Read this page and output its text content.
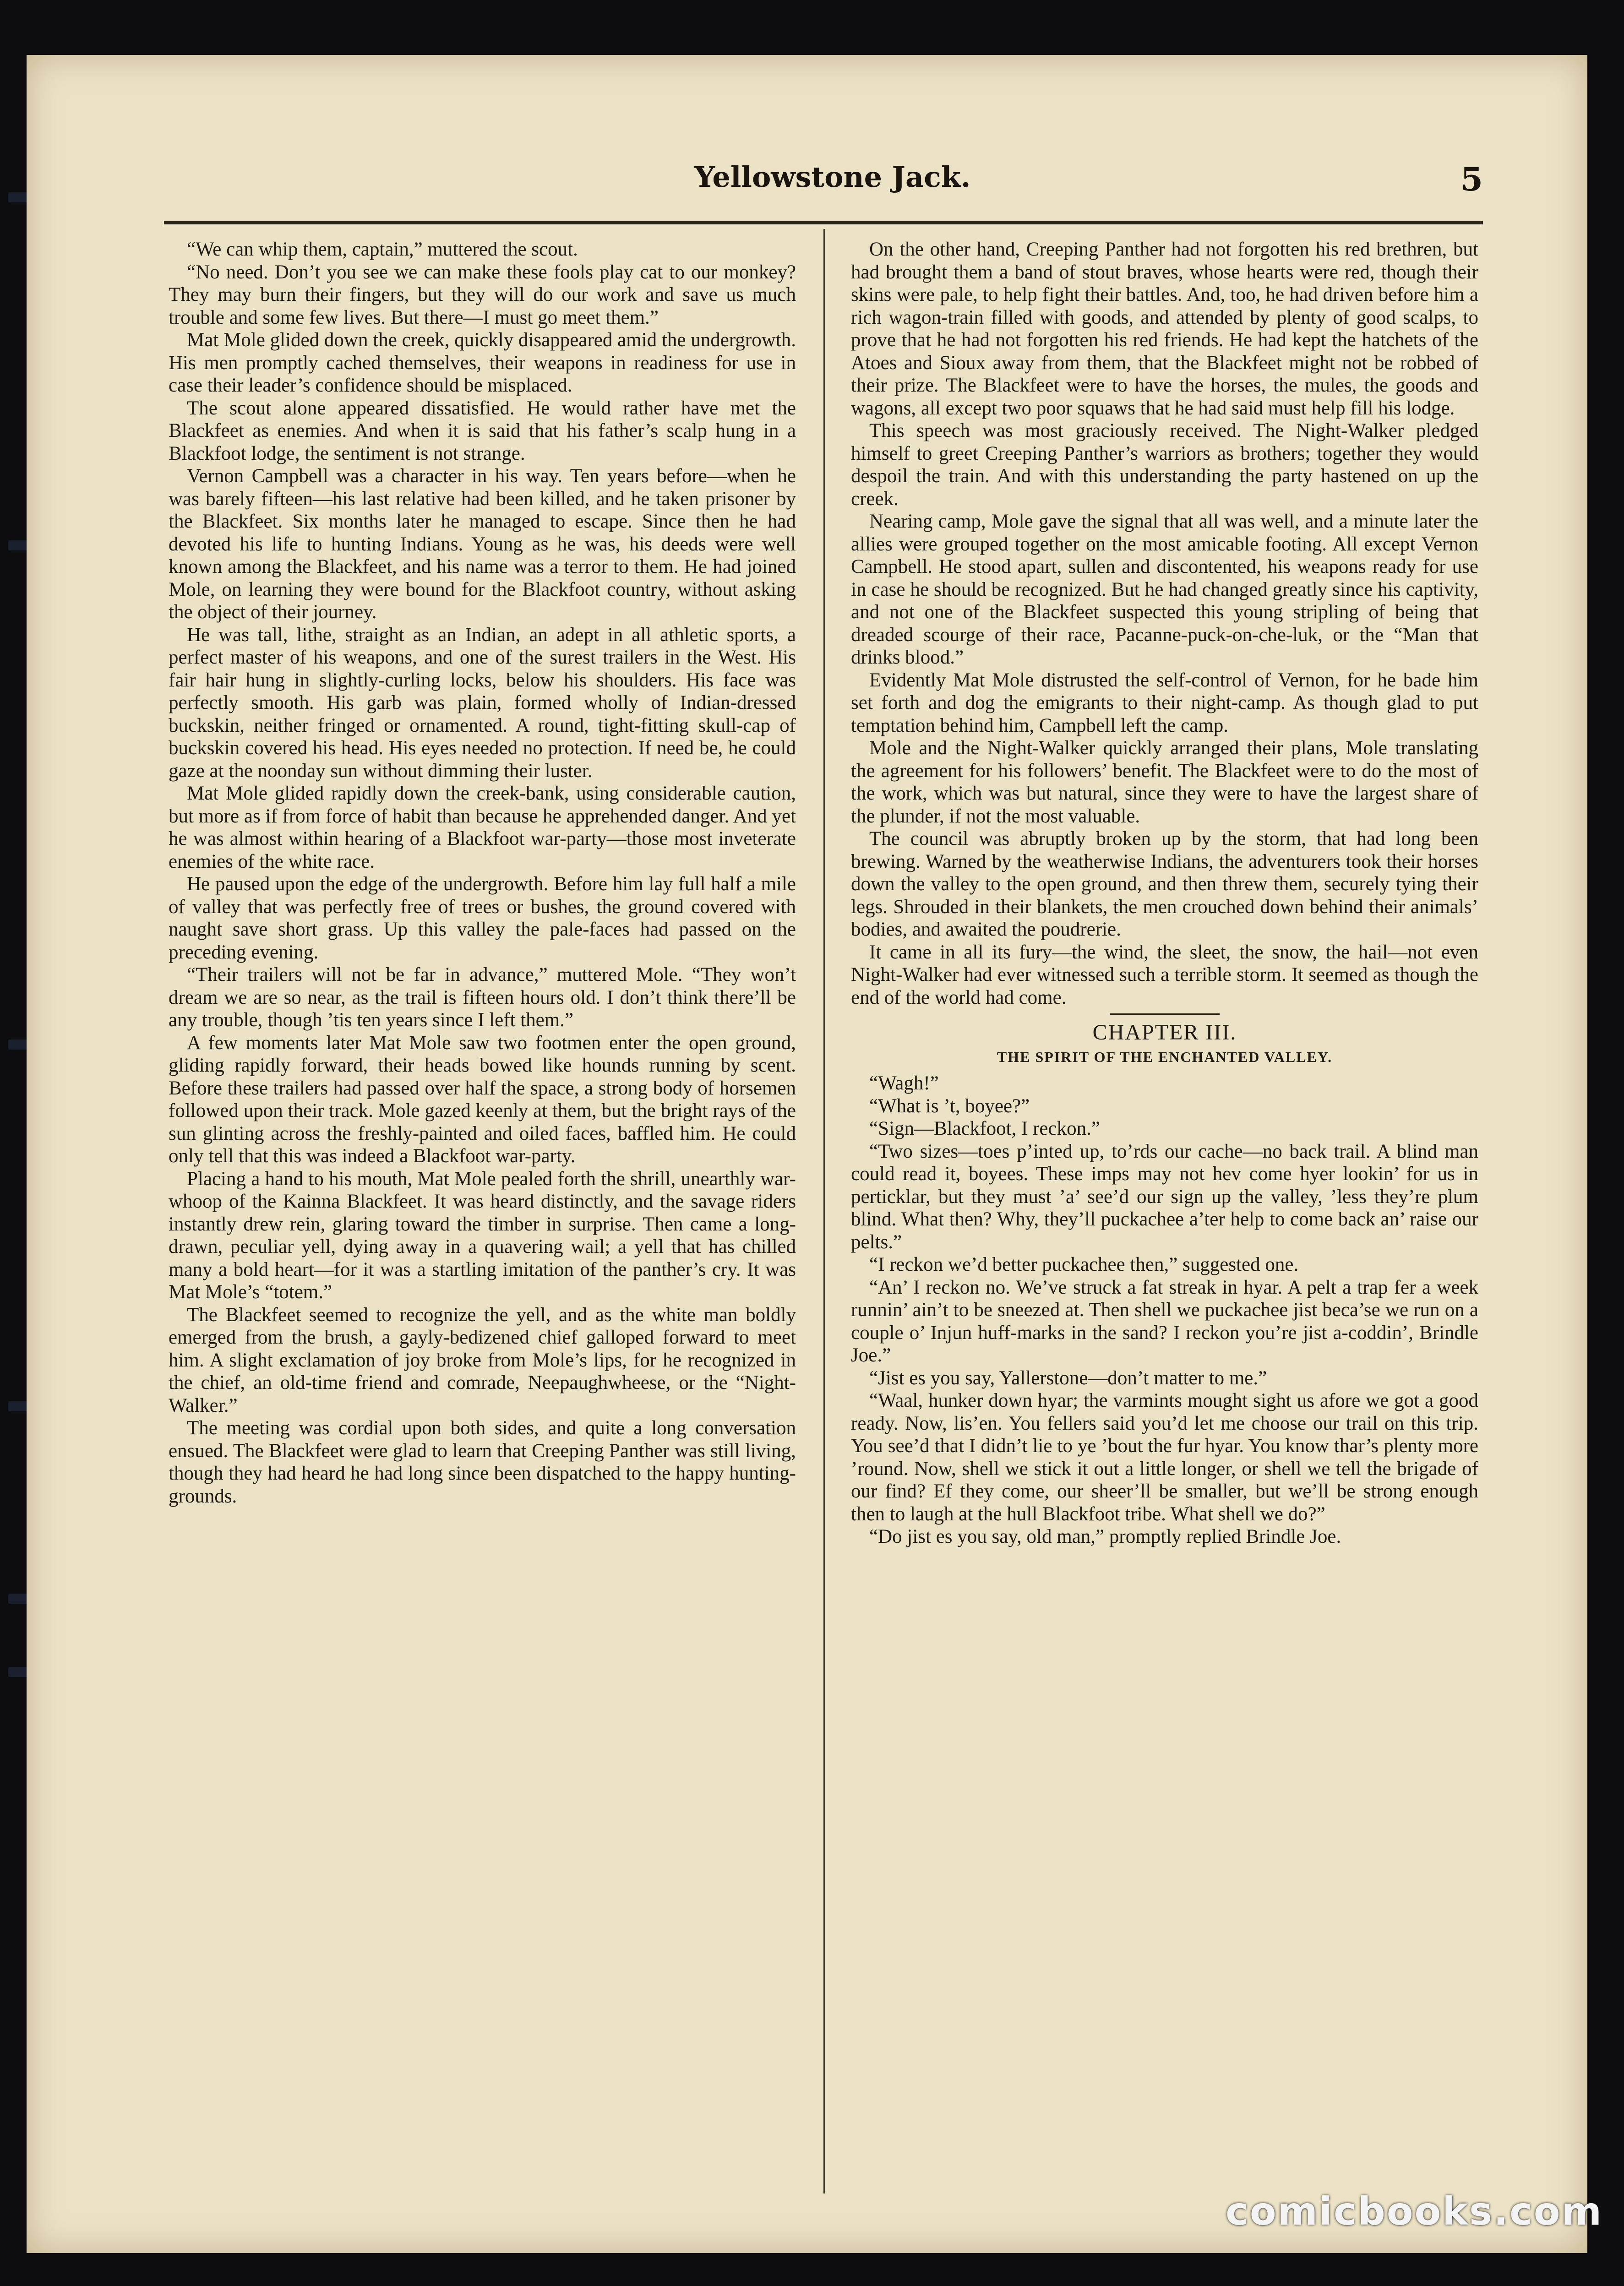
Yellowstone Jack.	5

“We can whip them, captain,” muttered the scout.

“No need. Don’t you see we can make these fools play cat to our monkey? They may burn their fingers, but they will do our work and save us much trouble and some few lives. But there—I must go meet them.”

Mat Mole glided down the creek, quickly disappeared amid the undergrowth. His men promptly cached themselves, their weapons in readiness for use in case their leader’s confidence should be misplaced.

The scout alone appeared dissatisfied. He would rather have met the Blackfeet as enemies. And when it is said that his father’s scalp hung in a Blackfoot lodge, the sentiment is not strange.

Vernon Campbell was a character in his way. Ten years before—when he was barely fifteen—his last relative had been killed, and he taken prisoner by the Blackfeet. Six months later he managed to escape. Since then he had devoted his life to hunting Indians. Young as he was, his deeds were well known among the Blackfeet, and his name was a terror to them. He had joined Mole, on learning they were bound for the Blackfoot country, without asking the object of their journey.

He was tall, lithe, straight as an Indian, an adept in all athletic sports, a perfect master of his weapons, and one of the surest trailers in the West. His fair hair hung in slightly-curling locks, below his shoulders. His face was perfectly smooth. His garb was plain, formed wholly of Indian-dressed buckskin, neither fringed or ornamented. A round, tight-fitting skull-cap of buckskin covered his head. His eyes needed no protection. If need be, he could gaze at the noonday sun without dimming their luster.

Mat Mole glided rapidly down the creek-bank, using considerable caution, but more as if from force of habit than because he apprehended danger. And yet he was almost within hearing of a Blackfoot war-party—those most inveterate enemies of the white race.

He paused upon the edge of the undergrowth. Before him lay full half a mile of valley that was perfectly free of trees or bushes, the ground covered with naught save short grass. Up this valley the pale-faces had passed on the preceding evening.

“Their trailers will not be far in advance,” muttered Mole. “They won’t dream we are so near, as the trail is fifteen hours old. I don’t think there’ll be any trouble, though ’tis ten years since I left them.”

A few moments later Mat Mole saw two footmen enter the open ground, gliding rapidly forward, their heads bowed like hounds running by scent. Before these trailers had passed over half the space, a strong body of horsemen followed upon their track. Mole gazed keenly at them, but the bright rays of the sun glinting across the freshly-painted and oiled faces, baffled him. He could only tell that this was indeed a Blackfoot war-party.

Placing a hand to his mouth, Mat Mole pealed forth the shrill, unearthly war-whoop of the Kainna Blackfeet. It was heard distinctly, and the savage riders instantly drew rein, glaring toward the timber in surprise. Then came a long-drawn, peculiar yell, dying away in a quavering wail; a yell that has chilled many a bold heart—for it was a startling imitation of the panther’s cry. It was Mat Mole’s “totem.”

The Blackfeet seemed to recognize the yell, and as the white man boldly emerged from the brush, a gayly-bedizened chief galloped forward to meet him. A slight exclamation of joy broke from Mole’s lips, for he recognized in the chief, an old-time friend and comrade, Neepaughwheese, or the “Night-Walker.”

The meeting was cordial upon both sides, and quite a long conversation ensued. The Blackfeet were glad to learn that Creeping Panther was still living, though they had heard he had long since been dispatched to the happy hunting-grounds.

On the other hand, Creeping Panther had not forgotten his red brethren, but had brought them a band of stout braves, whose hearts were red, though their skins were pale, to help fight their battles. And, too, he had driven before him a rich wagon-train filled with goods, and attended by plenty of good scalps, to prove that he had not forgotten his red friends. He had kept the hatchets of the Atoes and Sioux away from them, that the Blackfeet might not be robbed of their prize. The Blackfeet were to have the horses, the mules, the goods and wagons, all except two poor squaws that he had said must help fill his lodge.

This speech was most graciously received. The Night-Walker pledged himself to greet Creeping Panther’s warriors as brothers; together they would despoil the train. And with this understanding the party hastened on up the creek.

Nearing camp, Mole gave the signal that all was well, and a minute later the allies were grouped together on the most amicable footing. All except Vernon Campbell. He stood apart, sullen and discontented, his weapons ready for use in case he should be recognized. But he had changed greatly since his captivity, and not one of the Blackfeet suspected this young stripling of being that dreaded scourge of their race, Pacanne-puck-on-che-luk, or the “Man that drinks blood.”

Evidently Mat Mole distrusted the self-control of Vernon, for he bade him set forth and dog the emigrants to their night-camp. As though glad to put temptation behind him, Campbell left the camp.

Mole and the Night-Walker quickly arranged their plans, Mole translating the agreement for his followers’ benefit. The Blackfeet were to do the most of the work, which was but natural, since they were to have the largest share of the plunder, if not the most valuable.

The council was abruptly broken up by the storm, that had long been brewing. Warned by the weatherwise Indians, the adventurers took their horses down the valley to the open ground, and then threw them, securely tying their legs. Shrouded in their blankets, the men crouched down behind their animals’ bodies, and awaited the poudrerie.

It came in all its fury—the wind, the sleet, the snow, the hail—not even Night-Walker had ever witnessed such a terrible storm. It seemed as though the end of the world had come.

CHAPTER III.
THE SPIRIT OF THE ENCHANTED VALLEY.

“Wagh!”

“What is ’t, boyee?”

“Sign—Blackfoot, I reckon.”

“Two sizes—toes p’inted up, to’rds our cache—no back trail. A blind man could read it, boyees. These imps may not hev come hyer lookin’ for us in perticklar, but they must ’a’ see’d our sign up the valley, ’less they’re plum blind. What then? Why, they’ll puckachee a’ter help to come back an’ raise our pelts.”

“I reckon we’d better puckachee then,” suggested one.

“An’ I reckon no. We’ve struck a fat streak in hyar. A pelt a trap fer a week runnin’ ain’t to be sneezed at. Then shell we puckachee jist beca’se we run on a couple o’ Injun huff-marks in the sand? I reckon you’re jist a-coddin’, Brindle Joe.”

“Jist es you say, Yallerstone—don’t matter to me.”

“Waal, hunker down hyar; the varmints mought sight us afore we got a good ready. Now, lis’en. You fellers said you’d let me choose our trail on this trip. You see’d that I didn’t lie to ye ’bout the fur hyar. You know thar’s plenty more ’round. Now, shell we stick it out a little longer, or shell we tell the brigade of our find? Ef they come, our sheer’ll be smaller, but we’ll be strong enough then to laugh at the hull Blackfoot tribe. What shell we do?”

“Do jist es you say, old man,” promptly replied Brindle Joe.

comicbooks.com
